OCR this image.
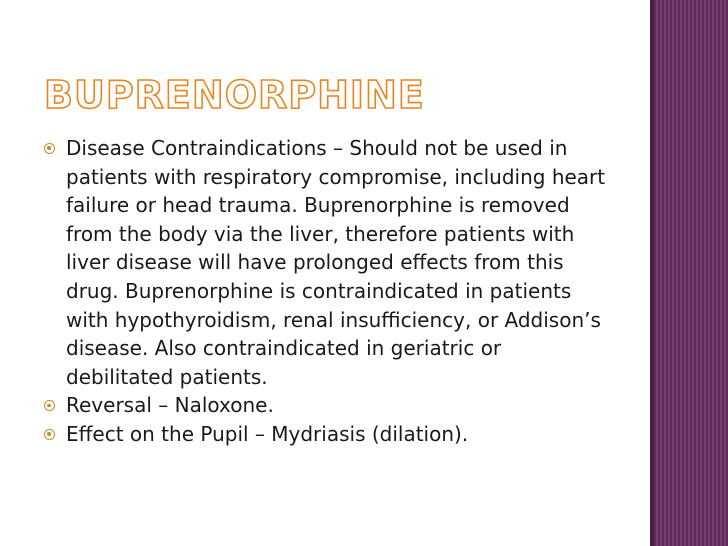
BUPRENORPHINE
Disease Contraindications – Should not be used in patients with respiratory compromise, including heart failure or head trauma. Buprenorphine is removed from the body via the liver, therefore patients with liver disease will have prolonged effects from this drug. Buprenorphine is contraindicated in patients with hypothyroidism, renal insufficiency, or Addison’s disease. Also contraindicated in geriatric or debilitated patients.
Reversal – Naloxone.
Effect on the Pupil – Mydriasis (dilation).
